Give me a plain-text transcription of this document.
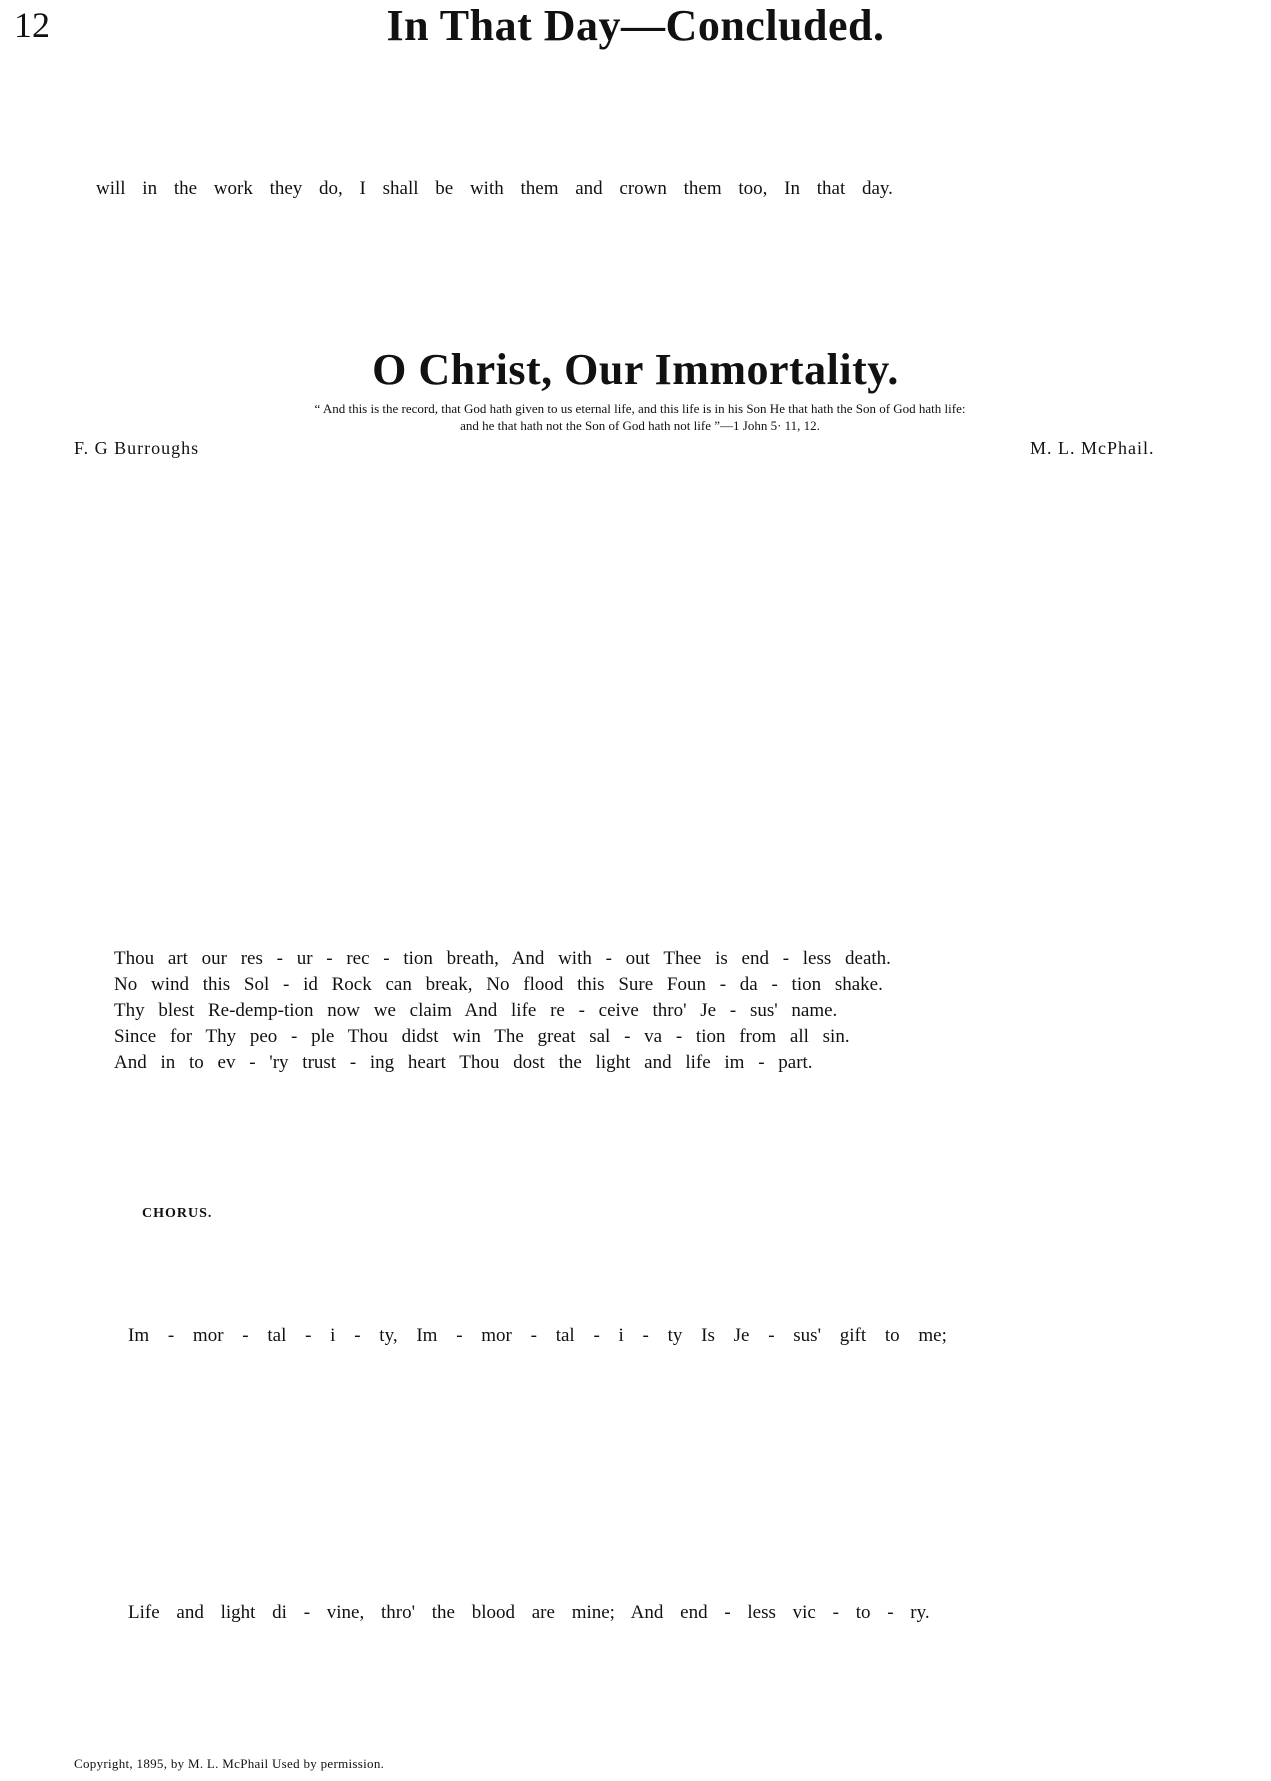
12	In That Day—Concluded.
will in the work they do, I shall be with them and crown them too, In that day.
O Christ, Our Immortality.
“ And this is the record, that God hath given to us eternal life, and this life is in his Son He that hath the Son of God hath life:
and he that hath not the Son of God hath not life ”—1 John 5· 11, 12.
F. G Burroughs	M. L. McPhail.
Thou art our res - ur - rec - tion breath, And with - out Thee is end - less death.
No wind this Sol - id Rock can break, No flood this Sure Foun - da - tion shake.
Thy blest Re-demp-tion now we claim And life re - ceive thro' Je - sus' name.
Since for Thy peo - ple Thou didst win The great sal - va - tion from all sin.
And in to ev - 'ry trust - ing heart Thou dost the light and life im - part.
CHORUS.
Im - mor - tal - i - ty, Im - mor - tal - i - ty Is Je - sus' gift to me;
Life and light di - vine, thro' the blood are mine; And end - less vic - to - ry.
Copyright, 1895, by M. L. McPhail Used by permission.
